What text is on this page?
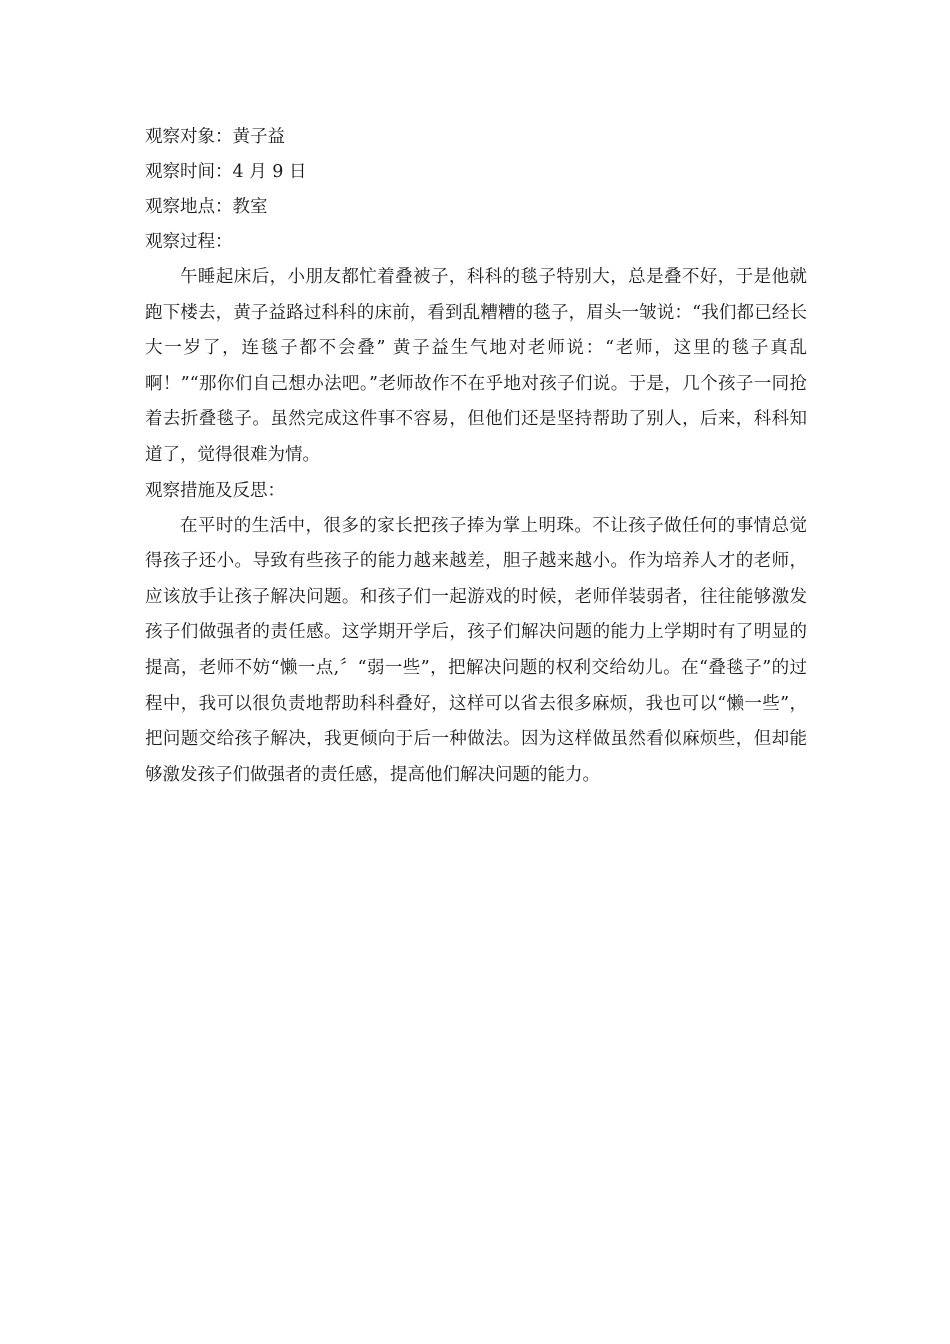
观察对象：黄子益
观察时间：4 月 9 日
观察地点：教室
观察过程：

午睡起床后，小朋友都忙着叠被子，科科的毯子特别大，总是叠不好，于是他就跑下楼去，黄子益路过科科的床前，看到乱糟糟的毯子，眉头一皱说：“我们都已经长大一岁了，连毯子都不会叠” 黄子益生气地对老师说：“老师，这里的毯子真乱啊！”“那你们自己想办法吧。”老师故作不在乎地对孩子们说。于是，几个孩子一同抢着去折叠毯子。虽然完成这件事不容易，但他们还是坚持帮助了别人，后来，科科知道了，觉得很难为情。

观察措施及反思：

在平时的生活中，很多的家长把孩子捧为掌上明珠。不让孩子做任何的事情总觉得孩子还小。导致有些孩子的能力越来越差，胆子越来越小。作为培养人才的老师，应该放手让孩子解决问题。和孩子们一起游戏的时候，老师佯装弱者，往往能够激发孩子们做强者的责任感。这学期开学后，孩子们解决问题的能力上学期时有了明显的提高，老师不妨“懒一点,〞“弱一些”，把解决问题的权利交给幼儿。在“叠毯子”的过程中，我可以很负责地帮助科科叠好，这样可以省去很多麻烦，我也可以“懒一些”，把问题交给孩子解决，我更倾向于后一种做法。因为这样做虽然看似麻烦些，但却能够激发孩子们做强者的责任感，提高他们解决问题的能力。
